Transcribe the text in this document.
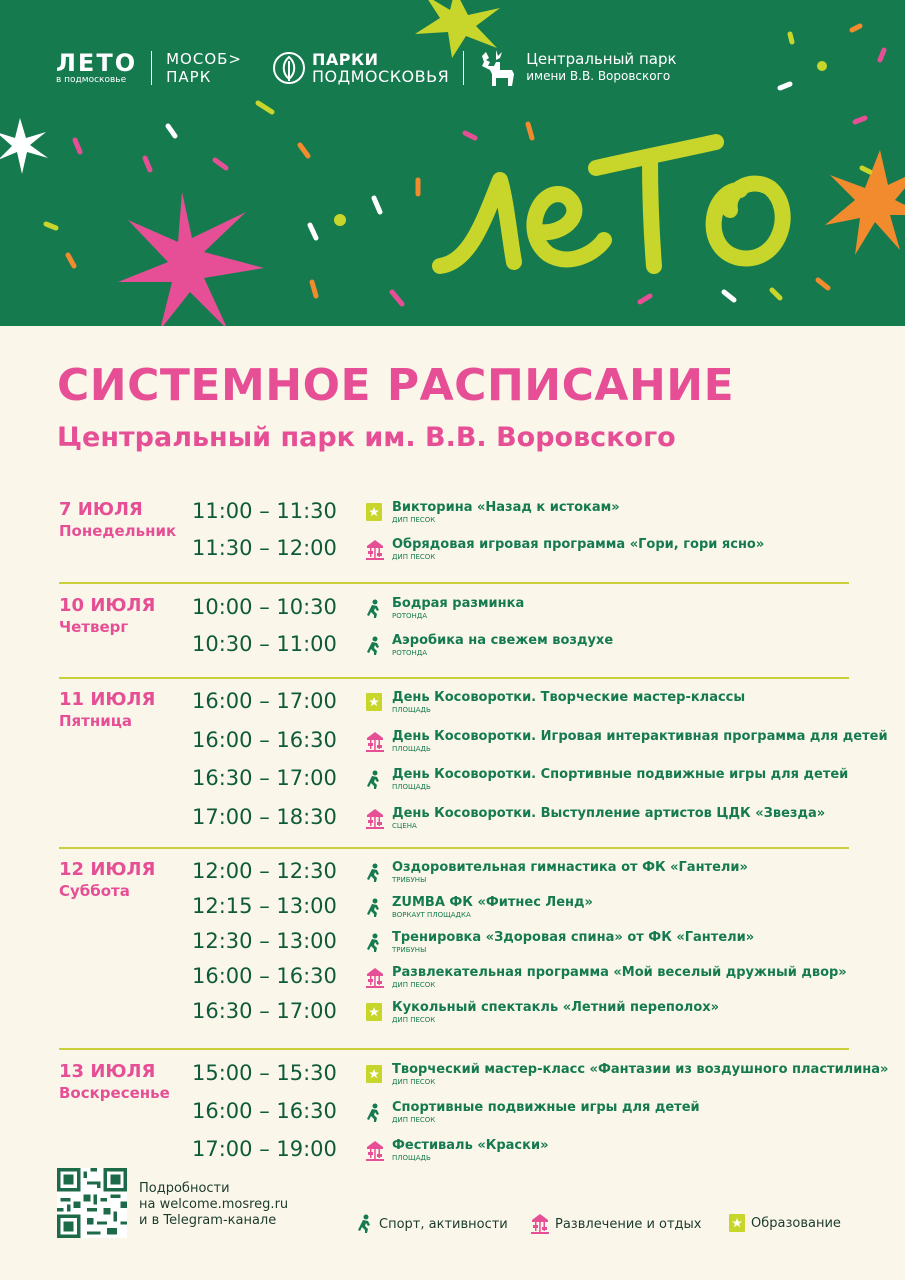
ЛЕТО
в подмосковье
МОСОБ>
ПАРК
ПАРКИ
ПОДМОСКОВЬЯ
Центральный парк
имени В.В. Воровского
СИСТЕМНОЕ РАСПИСАНИЕ
Центральный парк им. В.В. Воровского
7 ИЮЛЯ
Понедельник
11:00 – 11:30	Викторина «Назад к истокам»
ДИП ПЕСОК
11:30 – 12:00	Обрядовая игровая программа «Гори, гори ясно»
ДИП ПЕСОК
10 ИЮЛЯ
Четверг
10:00 – 10:30	Бодрая разминка
РОТОНДА
10:30 – 11:00	Аэробика на свежем воздухе
РОТОНДА
11 ИЮЛЯ
Пятница
16:00 – 17:00	День Косоворотки. Творческие мастер-классы
ПЛОЩАДЬ
16:00 – 16:30	День Косоворотки. Игровая интерактивная программа для детей
ПЛОЩАДЬ
16:30 – 17:00	День Косоворотки. Спортивные подвижные игры для детей
ПЛОЩАДЬ
17:00 – 18:30	День Косоворотки. Выступление артистов ЦДК «Звезда»
СЦЕНА
12 ИЮЛЯ
Суббота
12:00 – 12:30	Оздоровительная гимнастика от ФК «Гантели»
ТРИБУНЫ
12:15 – 13:00	ZUMBA ФК «Фитнес Ленд»
ВОРКАУТ ПЛОЩАДКА
12:30 – 13:00	Тренировка «Здоровая спина» от ФК «Гантели»
ТРИБУНЫ
16:00 – 16:30	Развлекательная программа «Мой веселый дружный двор»
ДИП ПЕСОК
16:30 – 17:00	Кукольный спектакль «Летний переполох»
ДИП ПЕСОК
13 ИЮЛЯ
Воскресенье
15:00 – 15:30	Творческий мастер-класс «Фантазии из воздушного пластилина»
ДИП ПЕСОК
16:00 – 16:30	Спортивные подвижные игры для детей
ДИП ПЕСОК
17:00 – 19:00	Фестиваль «Краски»
ПЛОЩАДЬ
Подробности
на welcome.mosreg.ru
и в Telegram-канале	Спорт, активности	Развлечение и отдых	Образование
